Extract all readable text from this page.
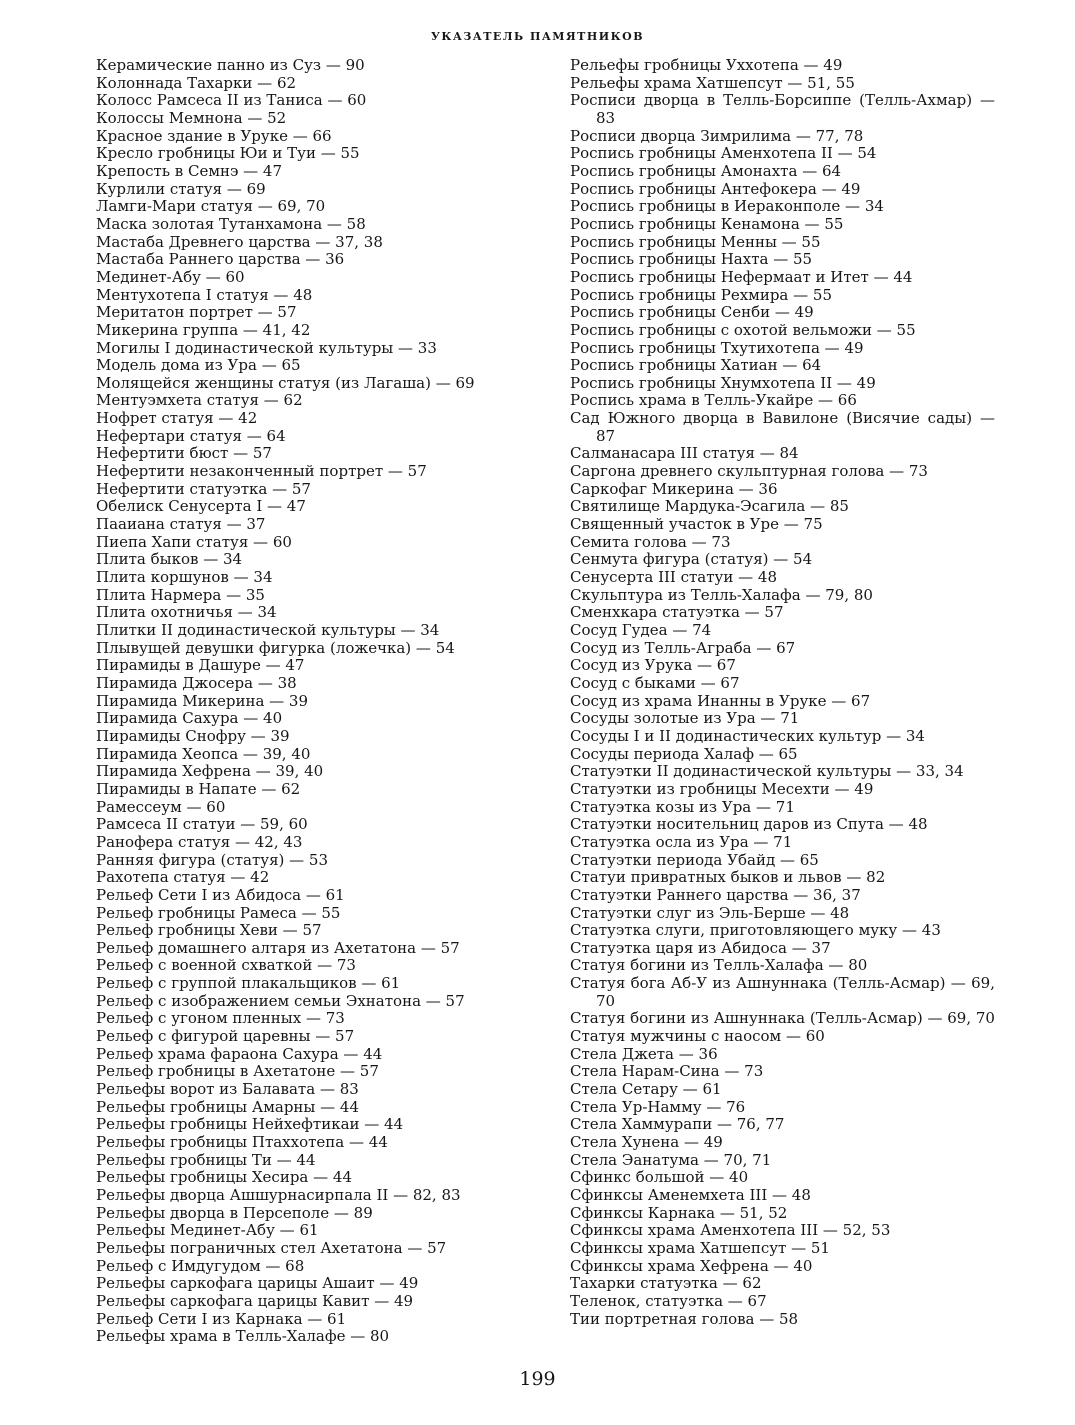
УКАЗАТЕЛЬ ПАМЯТНИКОВ
Керамические панно из Суз — 90
Колоннада Тахарки — 62
Колосс Рамсеса II из Таниса — 60
Колоссы Мемнона — 52
Красное здание в Уруке — 66
Кресло гробницы Юи и Туи — 55
Крепость в Семнэ — 47
Курлили статуя — 69
Ламги-Мари статуя — 69, 70
Маска золотая Тутанхамона — 58
Мастаба Древнего царства — 37, 38
Мастаба Раннего царства — 36
Мединет-Абу — 60
Ментухотепа I статуя — 48
Меритатон портрет — 57
Микерина группа — 41, 42
Могилы I додинастической культуры — 33
Модель дома из Ура — 65
Молящейся женщины статуя (из Лагаша) — 69
Ментуэмхета статуя — 62
Нофрет статуя — 42
Нефертари статуя — 64
Нефертити бюст — 57
Нефертити незаконченный портрет — 57
Нефертити статуэтка — 57
Обелиск Сенусерта I — 47
Пааиана статуя — 37
Пиепа Хапи статуя — 60
Плита быков — 34
Плита коршунов — 34
Плита Нармера — 35
Плита охотничья — 34
Плитки II додинастической культуры — 34
Плывущей девушки фигурка (ложечка) — 54
Пирамиды в Дашуре — 47
Пирамида Джосера — 38
Пирамида Микерина — 39
Пирамида Сахура — 40
Пирамиды Снофру — 39
Пирамида Хеопса — 39, 40
Пирамида Хефрена — 39, 40
Пирамиды в Напате — 62
Рамессеум — 60
Рамсеса II статуи — 59, 60
Ранофера статуя — 42, 43
Ранняя фигура (статуя) — 53
Рахотепа статуя — 42
Рельеф Сети I из Абидоса — 61
Рельеф гробницы Рамеса — 55
Рельеф гробницы Хеви — 57
Рельеф домашнего алтаря из Ахетатона — 57
Рельеф с военной схваткой — 73
Рельеф с группой плакальщиков — 61
Рельеф с изображением семьи Эхнатона — 57
Рельеф с угоном пленных — 73
Рельеф с фигурой царевны — 57
Рельеф храма фараона Сахура — 44
Рельеф гробницы в Ахетатоне — 57
Рельефы ворот из Балавата — 83
Рельефы гробницы Амарны — 44
Рельефы гробницы Нейхефтикаи — 44
Рельефы гробницы Птаххотепа — 44
Рельефы гробницы Ти — 44
Рельефы гробницы Хесира — 44
Рельефы дворца Ашшурнасирпала II — 82, 83
Рельефы дворца в Персеполе — 89
Рельефы Мединет-Абу — 61
Рельефы пограничных стел Ахетатона — 57
Рельеф с Имдугудом — 68
Рельефы саркофага царицы Ашаит — 49
Рельефы саркофага царицы Кавит — 49
Рельеф Сети I из Карнака — 61
Рельефы храма в Телль-Халафе — 80
Рельефы гробницы Уххотепа — 49
Рельефы храма Хатшепсут — 51, 55
Росписи дворца в Телль-Борсиппе (Телль-Ахмар) — 83
Росписи дворца Зимрилима — 77, 78
Роспись гробницы Аменхотепа II — 54
Роспись гробницы Амонахта — 64
Роспись гробницы Антефокера — 49
Роспись гробницы в Иераконполе — 34
Роспись гробницы Кенамона — 55
Роспись гробницы Менны — 55
Роспись гробницы Нахта — 55
Роспись гробницы Нефермаат и Итет — 44
Роспись гробницы Рехмира — 55
Роспись гробницы Сенби — 49
Роспись гробницы с охотой вельможи — 55
Роспись гробницы Тхутихотепа — 49
Роспись гробницы Хатиан — 64
Роспись гробницы Хнумхотепа II — 49
Роспись храма в Телль-Укайре — 66
Сад Южного дворца в Вавилоне (Висячие сады) — 87
Салманасара III статуя — 84
Саргона древнего скульптурная голова — 73
Саркофаг Микерина — 36
Святилище Мардука-Эсагила — 85
Священный участок в Уре — 75
Семита голова — 73
Сенмута фигура (статуя) — 54
Сенусерта III статуи — 48
Скульптура из Телль-Халафа — 79, 80
Сменхкара статуэтка — 57
Сосуд Гудеа — 74
Сосуд из Телль-Аграба — 67
Сосуд из Урука — 67
Сосуд с быками — 67
Сосуд из храма Инанны в Уруке — 67
Сосуды золотые из Ура — 71
Сосуды I и II додинастических культур — 34
Сосуды периода Халаф — 65
Статуэтки II додинастической культуры — 33, 34
Статуэтки из гробницы Месехти — 49
Статуэтка козы из Ура — 71
Статуэтки носительниц даров из Спута — 48
Статуэтка осла из Ура — 71
Статуэтки периода Убайд — 65
Статуи привратных быков и львов — 82
Статуэтки Раннего царства — 36, 37
Статуэтки слуг из Эль-Берше — 48
Статуэтка слуги, приготовляющего муку — 43
Статуэтка царя из Абидоса — 37
Статуя богини из Телль-Халафа — 80
Статуя бога Аб-У из Ашнуннака (Телль-Асмар) — 69, 70
Статуя богини из Ашнуннака (Телль-Асмар) — 69, 70
Статуя мужчины с наосом — 60
Стела Джета — 36
Стела Нарам-Сина — 73
Стела Сетару — 61
Стела Ур-Намму — 76
Стела Хаммурапи — 76, 77
Стела Хунена — 49
Стела Эанатума — 70, 71
Сфинкс большой — 40
Сфинксы Аменемхета III — 48
Сфинксы Карнака — 51, 52
Сфинксы храма Аменхотепа III — 52, 53
Сфинксы храма Хатшепсут — 51
Сфинксы храма Хефрена — 40
Тахарки статуэтка — 62
Теленок, статуэтка — 67
Тии портретная голова — 58
199
